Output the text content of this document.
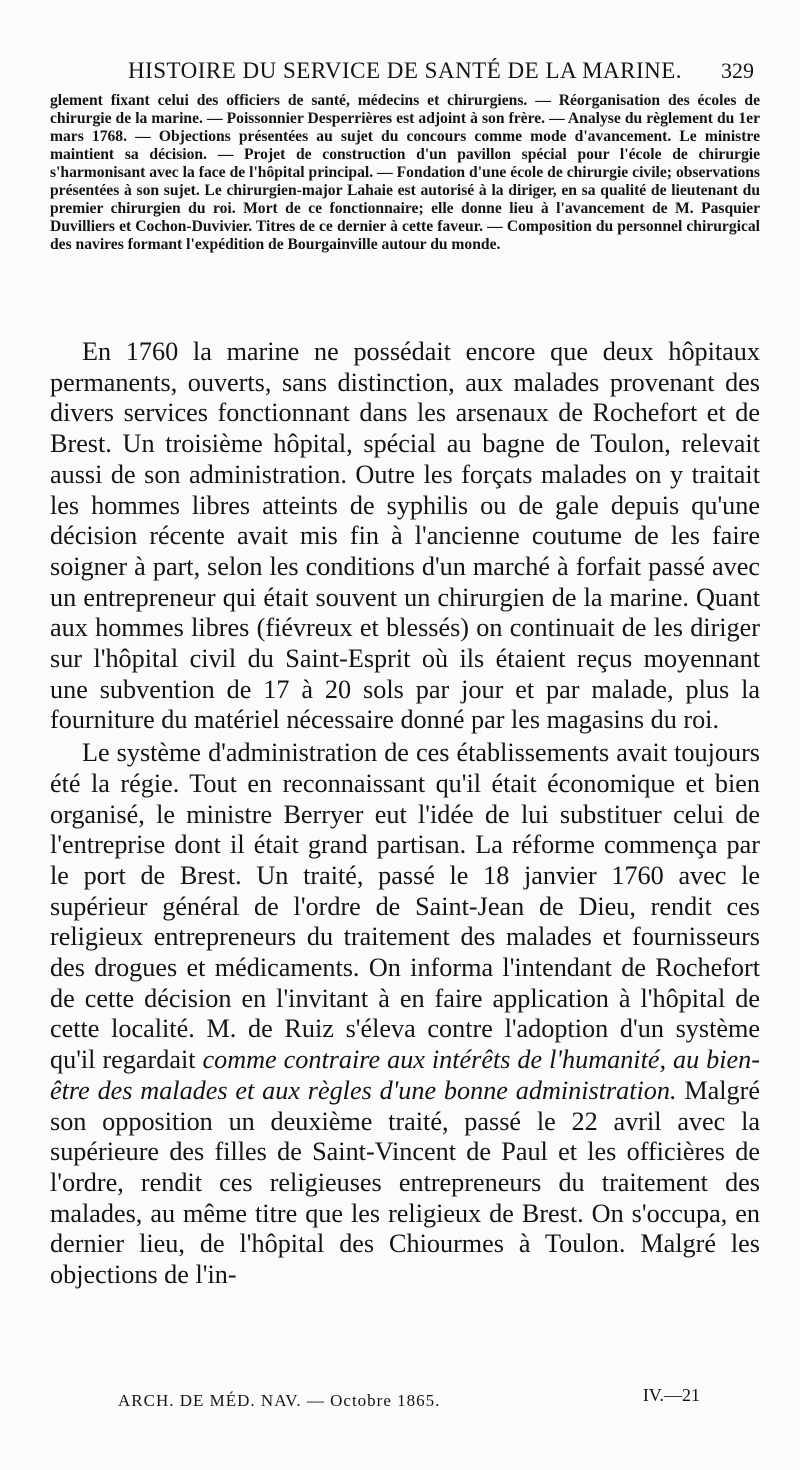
HISTOIRE DU SERVICE DE SANTÉ DE LA MARINE.	329
glement fixant celui des officiers de santé, médecins et chirurgiens. — Réorganisation des écoles de chirurgie de la marine. — Poissonnier Desperrières est adjoint à son frère. — Analyse du règlement du 1er mars 1768. — Objections présentées au sujet du concours comme mode d'avancement. Le ministre maintient sa décision. — Projet de construction d'un pavillon spécial pour l'école de chirurgie s'harmonisant avec la face de l'hôpital principal. — Fondation d'une école de chirurgie civile; observations présentées à son sujet. Le chirurgien-major Lahaie est autorisé à la diriger, en sa qualité de lieutenant du premier chirurgien du roi. Mort de ce fonctionnaire; elle donne lieu à l'avancement de M. Pasquier Duvilliers et Cochon-Duvivier. Titres de ce dernier à cette faveur. — Composition du personnel chirurgical des navires formant l'expédition de Bourgainville autour du monde.

En 1760 la marine ne possédait encore que deux hôpitaux permanents, ouverts, sans distinction, aux malades provenant des divers services fonctionnant dans les arsenaux de Rochefort et de Brest. Un troisième hôpital, spécial au bagne de Toulon, relevait aussi de son administration. Outre les forçats malades on y traitait les hommes libres atteints de syphilis ou de gale depuis qu'une décision récente avait mis fin à l'ancienne coutume de les faire soigner à part, selon les conditions d'un marché à forfait passé avec un entrepreneur qui était souvent un chirurgien de la marine. Quant aux hommes libres (fiévreux et blessés) on continuait de les diriger sur l'hôpital civil du Saint-Esprit où ils étaient reçus moyennant une subvention de 17 à 20 sols par jour et par malade, plus la fourniture du matériel nécessaire donné par les magasins du roi.

Le système d'administration de ces établissements avait toujours été la régie. Tout en reconnaissant qu'il était économique et bien organisé, le ministre Berryer eut l'idée de lui substituer celui de l'entreprise dont il était grand partisan. La réforme commença par le port de Brest. Un traité, passé le 18 janvier 1760 avec le supérieur général de l'ordre de Saint-Jean de Dieu, rendit ces religieux entrepreneurs du traitement des malades et fournisseurs des drogues et médicaments. On informa l'intendant de Rochefort de cette décision en l'invitant à en faire application à l'hôpital de cette localité. M. de Ruiz s'éleva contre l'adoption d'un système qu'il regardait comme contraire aux intérêts de l'humanité, au bien-être des malades et aux règles d'une bonne administration. Malgré son opposition un deuxième traité, passé le 22 avril avec la supérieure des filles de Saint-Vincent de Paul et les officières de l'ordre, rendit ces religieuses entrepreneurs du traitement des malades, au même titre que les religieux de Brest. On s'occupa, en dernier lieu, de l'hôpital des Chiourmes à Toulon. Malgré les objections de l'in-

ARCH. DE MÉD. NAV. — Octobre 1865.	IV.—21
